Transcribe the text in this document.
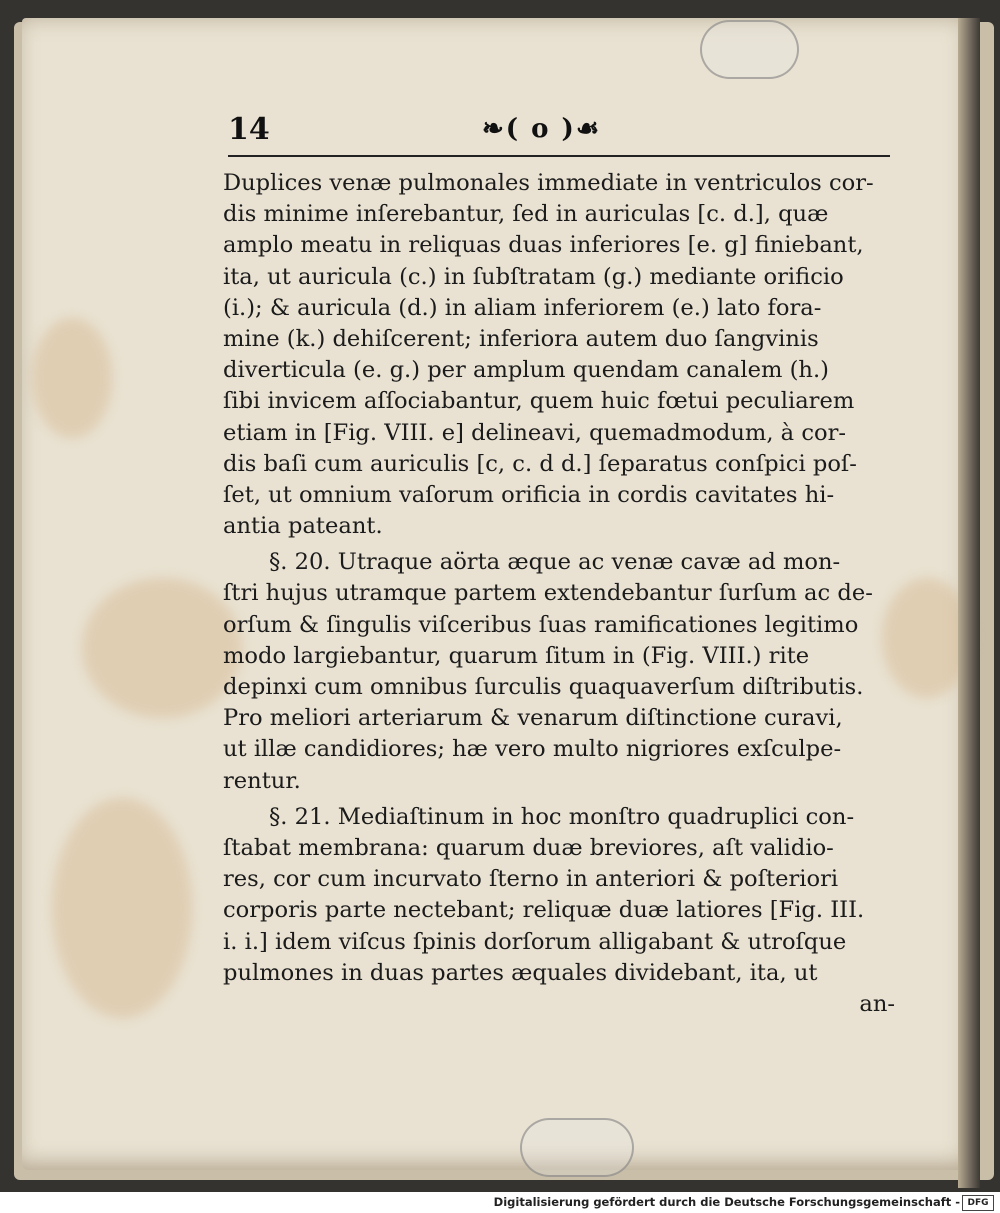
14	❧( o )☙
Duplices venæ pulmonales immediate in ventriculos cor-
dis minime inſerebantur, ſed in auriculas [c. d.], quæ
amplo meatu in reliquas duas inferiores [e. g] finiebant,
ita, ut auricula (c.) in ſubſtratam (g.) mediante orificio
(i.); & auricula (d.) in aliam inferiorem (e.) lato fora-
mine (k.) dehiſcerent; inferiora autem duo ſangvinis
diverticula (e. g.) per amplum quendam canalem (h.)
ſibi invicem aſſociabantur, quem huic fœtui peculiarem
etiam in [Fig. VIII. e] delineavi, quemadmodum, à cor-
dis baſi cum auriculis [c, c. d d.] ſeparatus conſpici poſ-
ſet, ut omnium vaſorum orificia in cordis cavitates hi-
antia pateant.
§. 20. Utraque aörta æque ac venæ cavæ ad mon-
ſtri hujus utramque partem extendebantur ſurſum ac de-
orſum & ſingulis viſceribus ſuas ramificationes legitimo
modo largiebantur, quarum ſitum in (Fig. VIII.) rite
depinxi cum omnibus ſurculis quaquaverſum diſtributis.
Pro meliori arteriarum & venarum diſtinctione curavi,
ut illæ candidiores; hæ vero multo nigriores exſculpe-
rentur.
§. 21. Mediaſtinum in hoc monſtro quadruplici con-
ſtabat membrana: quarum duæ breviores, aſt validio-
res, cor cum incurvato ſterno in anteriori & poſteriori
corporis parte nectebant; reliquæ duæ latiores [Fig. III.
i. i.] idem viſcus ſpinis dorſorum alligabant & utroſque
pulmones in duas partes æquales dividebant, ita, ut
an-
Digitalisierung gefördert durch die Deutsche Forschungsgemeinschaft - DFG
